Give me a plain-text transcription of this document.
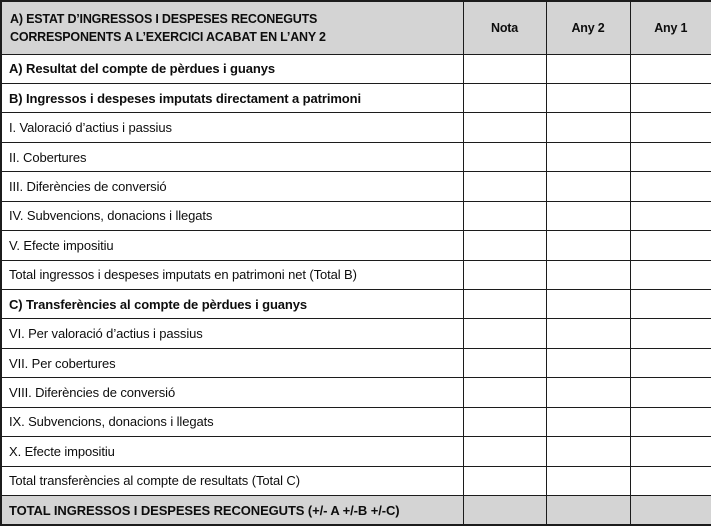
A) ESTAT D’INGRESSOS I DESPESES RECONEGUTS
CORRESPONENTS A L’EXERCICI ACABAT EN L’ANY 2	Nota	Any 2	Any 1
A) Resultat del compte de pèrdues i guanys			
B) Ingressos i despeses imputats directament a patrimoni			
I. Valoració d’actius i passius			
II. Cobertures			
III. Diferències de conversió			
IV. Subvencions, donacions i llegats			
V. Efecte impositiu			
Total ingressos i despeses imputats en patrimoni net (Total B)			
C) Transferències al compte de pèrdues i guanys			
VI. Per valoració d’actius i passius			
VII. Per cobertures			
VIII. Diferències de conversió			
IX. Subvencions, donacions i llegats			
X. Efecte impositiu			
Total transferències al compte de resultats (Total C)			
TOTAL INGRESSOS I DESPESES RECONEGUTS (+/- A +/-B +/-C)			
